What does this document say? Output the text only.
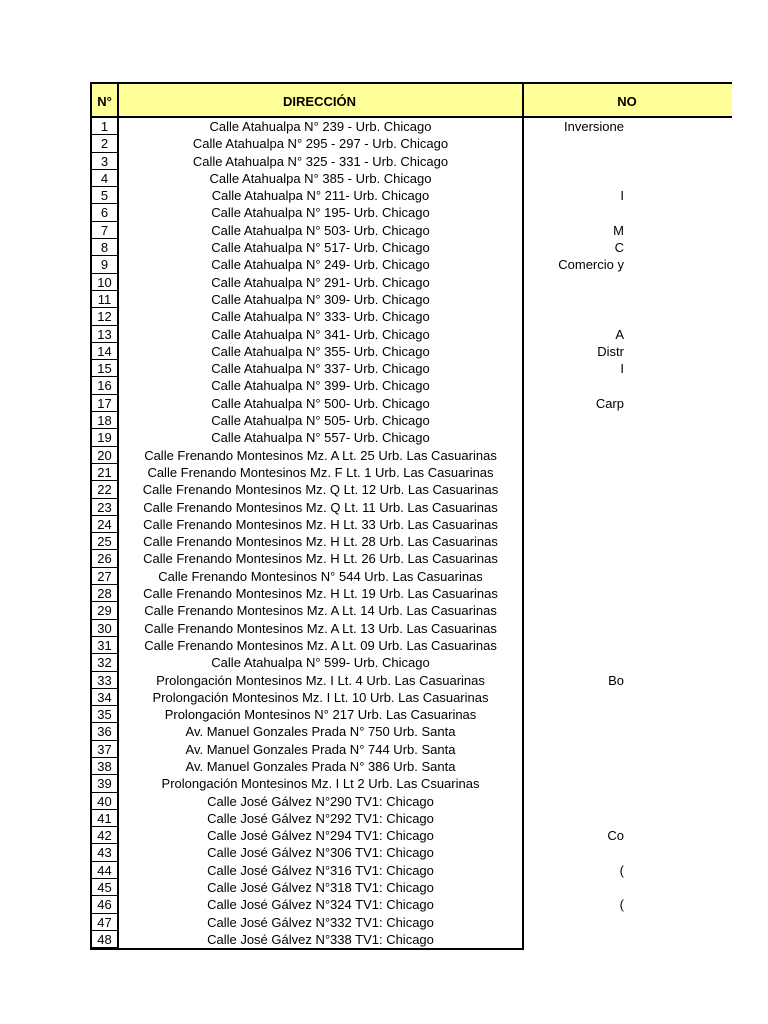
N°	DIRECCIÓN	NO
1	Calle Atahualpa N° 239 - Urb. Chicago	Inversione
2	Calle Atahualpa N° 295 - 297 - Urb. Chicago
3	Calle Atahualpa N° 325 - 331 - Urb. Chicago
4	Calle Atahualpa N° 385 - Urb. Chicago
5	Calle Atahualpa N° 211- Urb. Chicago	I
6	Calle Atahualpa N° 195- Urb. Chicago
7	Calle Atahualpa N° 503- Urb. Chicago	M
8	Calle Atahualpa N° 517- Urb. Chicago	C
9	Calle Atahualpa N° 249- Urb. Chicago	Comercio y
10	Calle Atahualpa N° 291- Urb. Chicago
11	Calle Atahualpa N° 309- Urb. Chicago
12	Calle Atahualpa N° 333- Urb. Chicago
13	Calle Atahualpa N° 341- Urb. Chicago	A
14	Calle Atahualpa N° 355- Urb. Chicago	Distr
15	Calle Atahualpa N° 337- Urb. Chicago	I
16	Calle Atahualpa N° 399- Urb. Chicago
17	Calle Atahualpa N° 500- Urb. Chicago	Carp
18	Calle Atahualpa N° 505- Urb. Chicago
19	Calle Atahualpa N° 557- Urb. Chicago
20	Calle Frenando Montesinos Mz. A Lt. 25 Urb. Las Casuarinas
21	Calle Frenando Montesinos Mz. F Lt. 1 Urb. Las Casuarinas
22	Calle Frenando Montesinos Mz. Q Lt. 12 Urb. Las Casuarinas
23	Calle Frenando Montesinos Mz. Q Lt. 11 Urb. Las Casuarinas
24	Calle Frenando Montesinos Mz. H Lt. 33 Urb. Las Casuarinas
25	Calle Frenando Montesinos Mz. H Lt. 28 Urb. Las Casuarinas
26	Calle Frenando Montesinos Mz. H Lt. 26 Urb. Las Casuarinas
27	Calle Frenando Montesinos N° 544 Urb. Las Casuarinas
28	Calle Frenando Montesinos Mz. H Lt. 19 Urb. Las Casuarinas
29	Calle Frenando Montesinos Mz. A Lt. 14 Urb. Las Casuarinas
30	Calle Frenando Montesinos Mz. A Lt. 13 Urb. Las Casuarinas
31	Calle Frenando Montesinos Mz. A Lt. 09 Urb. Las Casuarinas
32	Calle Atahualpa N° 599- Urb. Chicago
33	Prolongación Montesinos Mz. I Lt. 4 Urb. Las Casuarinas	Bo
34	Prolongación Montesinos Mz. I Lt. 10 Urb. Las Casuarinas
35	Prolongación Montesinos N° 217 Urb. Las Casuarinas
36	Av. Manuel Gonzales Prada N° 750 Urb. Santa
37	Av. Manuel Gonzales Prada N° 744 Urb. Santa
38	Av. Manuel Gonzales Prada N° 386 Urb. Santa
39	Prolongación Montesinos Mz. I Lt 2 Urb. Las Csuarinas
40	Calle José Gálvez N°290 TV1: Chicago
41	Calle José Gálvez N°292 TV1: Chicago
42	Calle José Gálvez N°294 TV1: Chicago	Co
43	Calle José Gálvez N°306 TV1: Chicago
44	Calle José Gálvez N°316 TV1: Chicago	(
45	Calle José Gálvez N°318 TV1: Chicago
46	Calle José Gálvez N°324 TV1: Chicago	(
47	Calle José Gálvez N°332 TV1: Chicago
48	Calle José Gálvez N°338 TV1: Chicago
